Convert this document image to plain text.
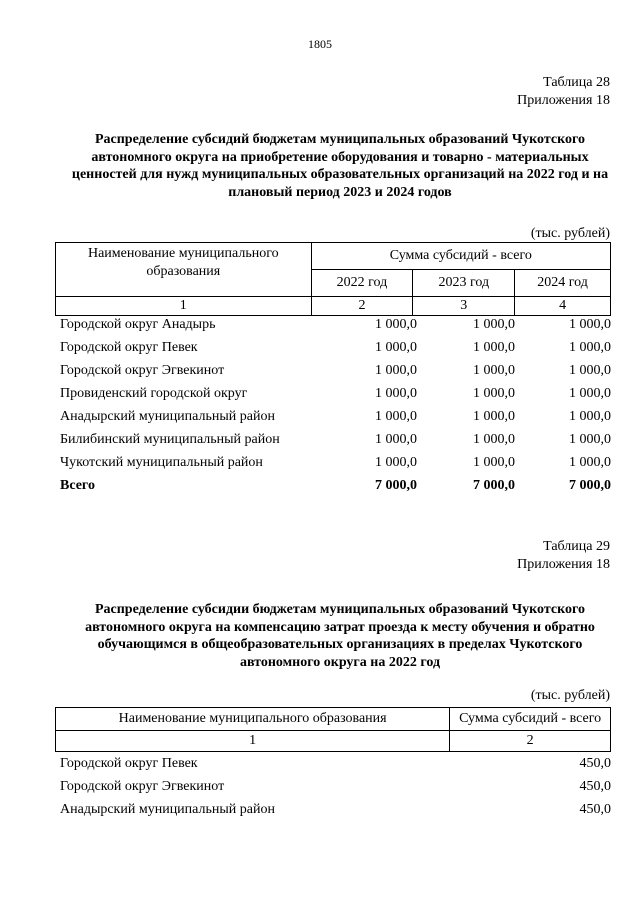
1805
Таблица 28
Приложения 18
Распределение субсидий бюджетам муниципальных образований Чукотского автономного округа на приобретение оборудования и товарно - материальных ценностей для нужд муниципальных образовательных организаций на 2022 год и на плановый период 2023 и 2024 годов
(тыс. рублей)
Наименование муниципального образования	Сумма субсидий - всего		
	2022 год	2023 год	2024 год
1	2	3	4
Городской округ Анадырь	1 000,0	1 000,0	1 000,0
Городской округ Певек	1 000,0	1 000,0	1 000,0
Городской округ Эгвекинот	1 000,0	1 000,0	1 000,0
Провиденский городской округ	1 000,0	1 000,0	1 000,0
Анадырский муниципальный район	1 000,0	1 000,0	1 000,0
Билибинский муниципальный район	1 000,0	1 000,0	1 000,0
Чукотский муниципальный район	1 000,0	1 000,0	1 000,0
Всего	7 000,0	7 000,0	7 000,0
Таблица 29
Приложения 18
Распределение субсидии бюджетам муниципальных образований Чукотского автономного округа на компенсацию затрат проезда к месту обучения и обратно обучающимся в общеобразовательных организациях в пределах Чукотского автономного округа на 2022 год
(тыс. рублей)
Наименование муниципального образования	Сумма субсидий - всего
1	2
Городской округ Певек	450,0
Городской округ Эгвекинот	450,0
Анадырский муниципальный район	450,0
